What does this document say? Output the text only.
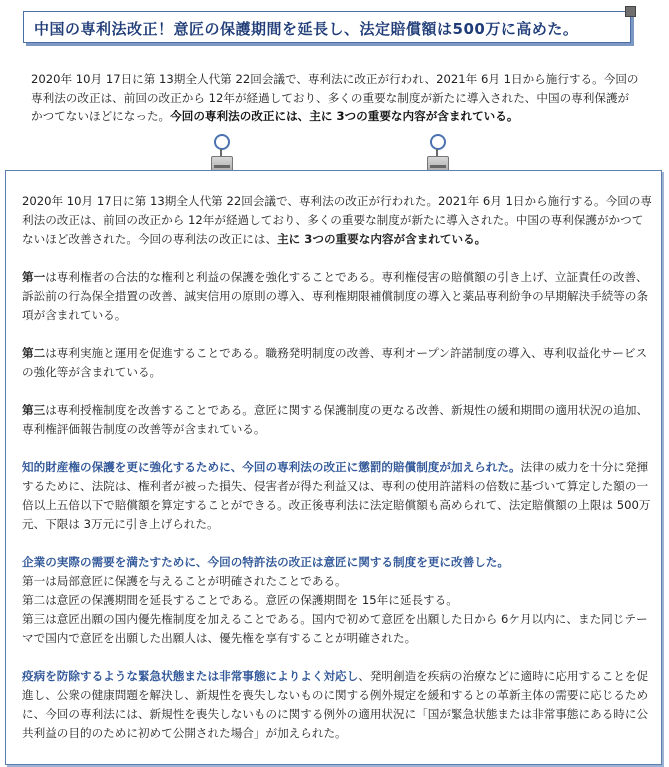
中国の専利法改正！意匠の保護期間を延長し、法定賠償額は500万に高めた。
2020年 10月 17日に第 13期全人代第 22回会議で、専利法に改正が行われ、2021年 6月 1日から施行する。今回の専利法の改正は、前回の改正から 12年が経過しており、多くの重要な制度が新たに導入された、中国の専利保護がかつてないほどになった。今回の専利法の改正には、主に 3つの重要な内容が含まれている。

2020年 10月 17日に第 13期全人代第 22回会議で、専利法の改正が行われた。2021年 6月 1日から施行する。今回の専利法の改正は、前回の改正から 12年が経過しており、多くの重要な制度が新たに導入された。中国の専利保護がかつてないほど改善された。今回の専利法の改正には、主に 3つの重要な内容が含まれている。

第一は専利権者の合法的な権利と利益の保護を強化することである。専利権侵害の賠償額の引き上げ、立証責任の改善、訴訟前の行為保全措置の改善、誠実信用の原則の導入、専利権期限補償制度の導入と薬品専利紛争の早期解決手続等の条項が含まれている。

第二は専利実施と運用を促進することである。職務発明制度の改善、専利オープン許諾制度の導入、専利収益化サービスの強化等が含まれている。

第三は専利授権制度を改善することである。意匠に関する保護制度の更なる改善、新規性の緩和期間の適用状況の追加、専利権評価報告制度の改善等が含まれている。

知的財産権の保護を更に強化するために、今回の専利法の改正に懲罰的賠償制度が加えられた。法律の威力を十分に発揮するために、法院は、権利者が被った損失、侵害者が得た利益又は、専利の使用許諾料の倍数に基づいて算定した額の一倍以上五倍以下で賠償額を算定することができる。改正後専利法に法定賠償額も高められて、法定賠償額の上限は 500万元、下限は 3万元に引き上げられた。

企業の実際の需要を満たすために、今回の特許法の改正は意匠に関する制度を更に改善した。
第一は局部意匠に保護を与えることが明確されたことである。
第二は意匠の保護期間を延長することである。意匠の保護期間を 15年に延長する。
第三は意匠出願の国内優先権制度を加えることである。国内で初めて意匠を出願した日から 6ケ月以内に、また同じテーマで国内で意匠を出願した出願人は、優先権を享有することが明確された。

疫病を防除するような緊急状態または非常事態によりよく対応し、発明創造を疾病の治療などに適時に応用することを促進し、公衆の健康問題を解決し、新規性を喪失しないものに関する例外規定を緩和するとの革新主体の需要に応じるために、今回の専利法には、新規性を喪失しないものに関する例外の適用状況に「国が緊急状態または非常事態にある時に公共利益の目的のために初めて公開された場合」が加えられた。
